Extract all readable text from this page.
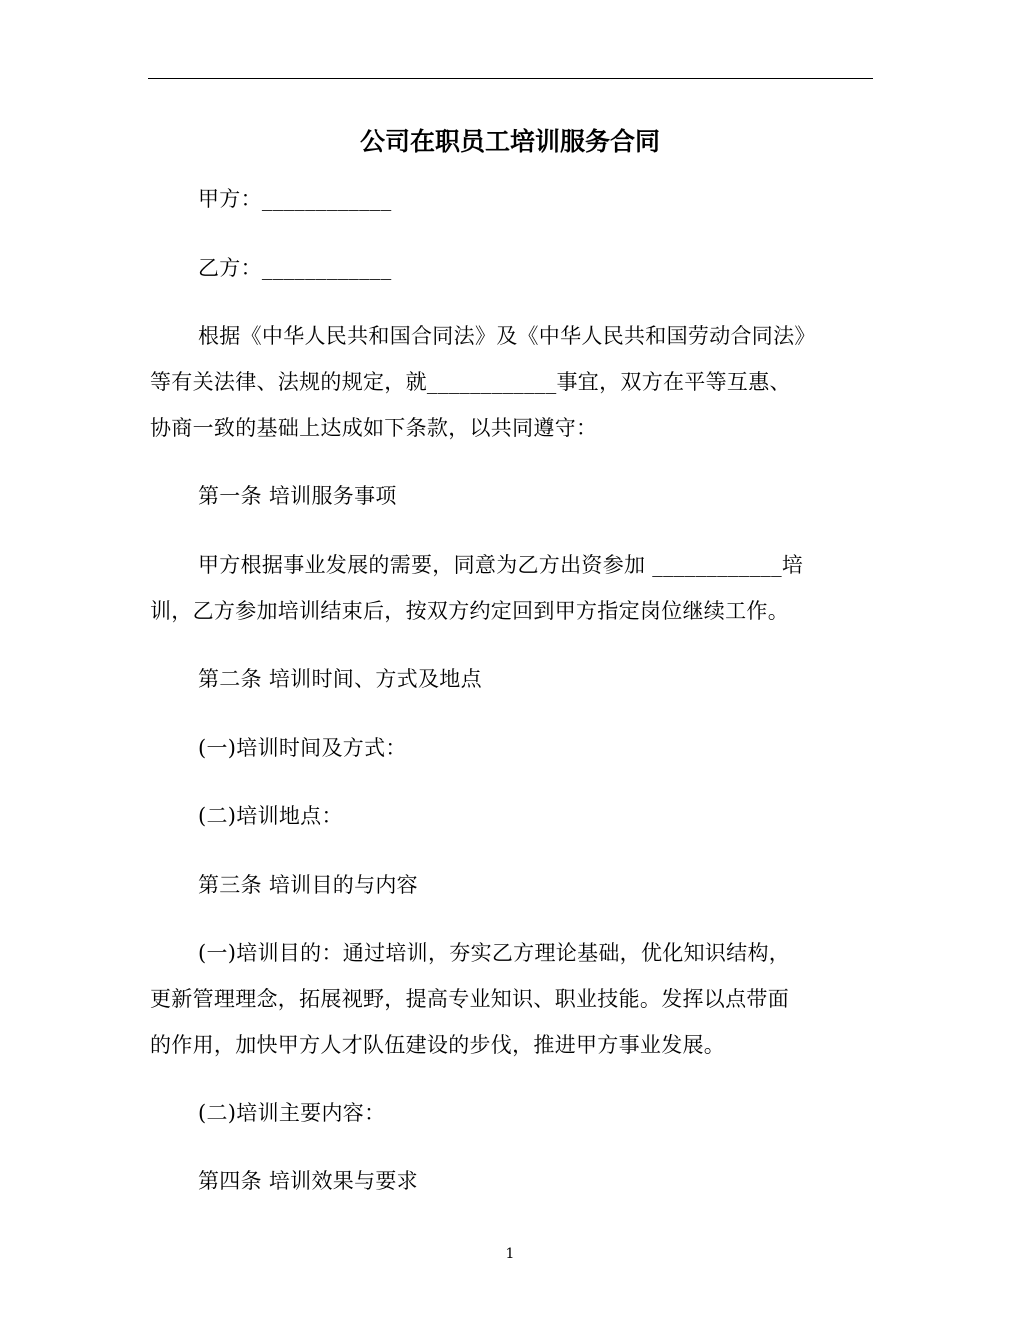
公司在职员工培训服务合同
甲方：____________
乙方：____________
根据《中华人民共和国合同法》及《中华人民共和国劳动合同法》
等有关法律、法规的规定，就____________事宜，双方在平等互惠、
协商一致的基础上达成如下条款，以共同遵守：
第一条 培训服务事项
甲方根据事业发展的需要，同意为乙方出资参加 ____________培
训，乙方参加培训结束后，按双方约定回到甲方指定岗位继续工作。
第二条 培训时间、方式及地点
(一)培训时间及方式：
(二)培训地点：
第三条 培训目的与内容
(一)培训目的：通过培训，夯实乙方理论基础，优化知识结构，
更新管理理念，拓展视野，提高专业知识、职业技能。发挥以点带面
的作用，加快甲方人才队伍建设的步伐，推进甲方事业发展。
(二)培训主要内容：
第四条 培训效果与要求
1
